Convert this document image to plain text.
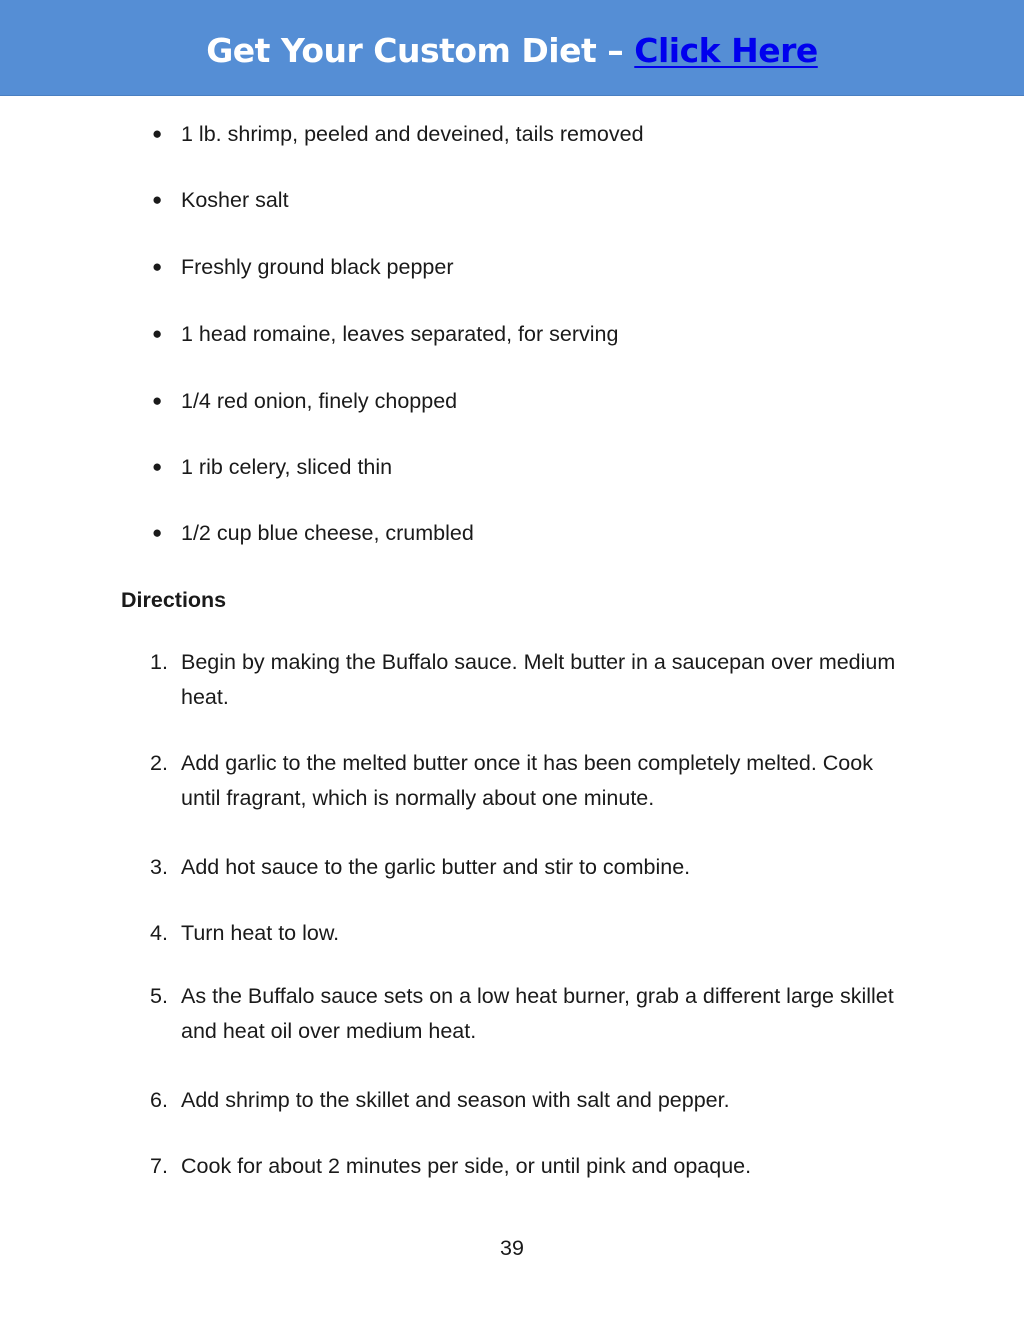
Get Your Custom Diet – Click Here
● 1 lb. shrimp, peeled and deveined, tails removed
● Kosher salt
● Freshly ground black pepper
● 1 head romaine, leaves separated, for serving
● 1/4 red onion, finely chopped
● 1 rib celery, sliced thin
● 1/2 cup blue cheese, crumbled
Directions
1. Begin by making the Buffalo sauce. Melt butter in a saucepan over medium heat.
2. Add garlic to the melted butter once it has been completely melted. Cook until fragrant, which is normally about one minute.
3. Add hot sauce to the garlic butter and stir to combine.
4. Turn heat to low.
5. As the Buffalo sauce sets on a low heat burner, grab a different large skillet and heat oil over medium heat.
6. Add shrimp to the skillet and season with salt and pepper.
7. Cook for about 2 minutes per side, or until pink and opaque.
39
